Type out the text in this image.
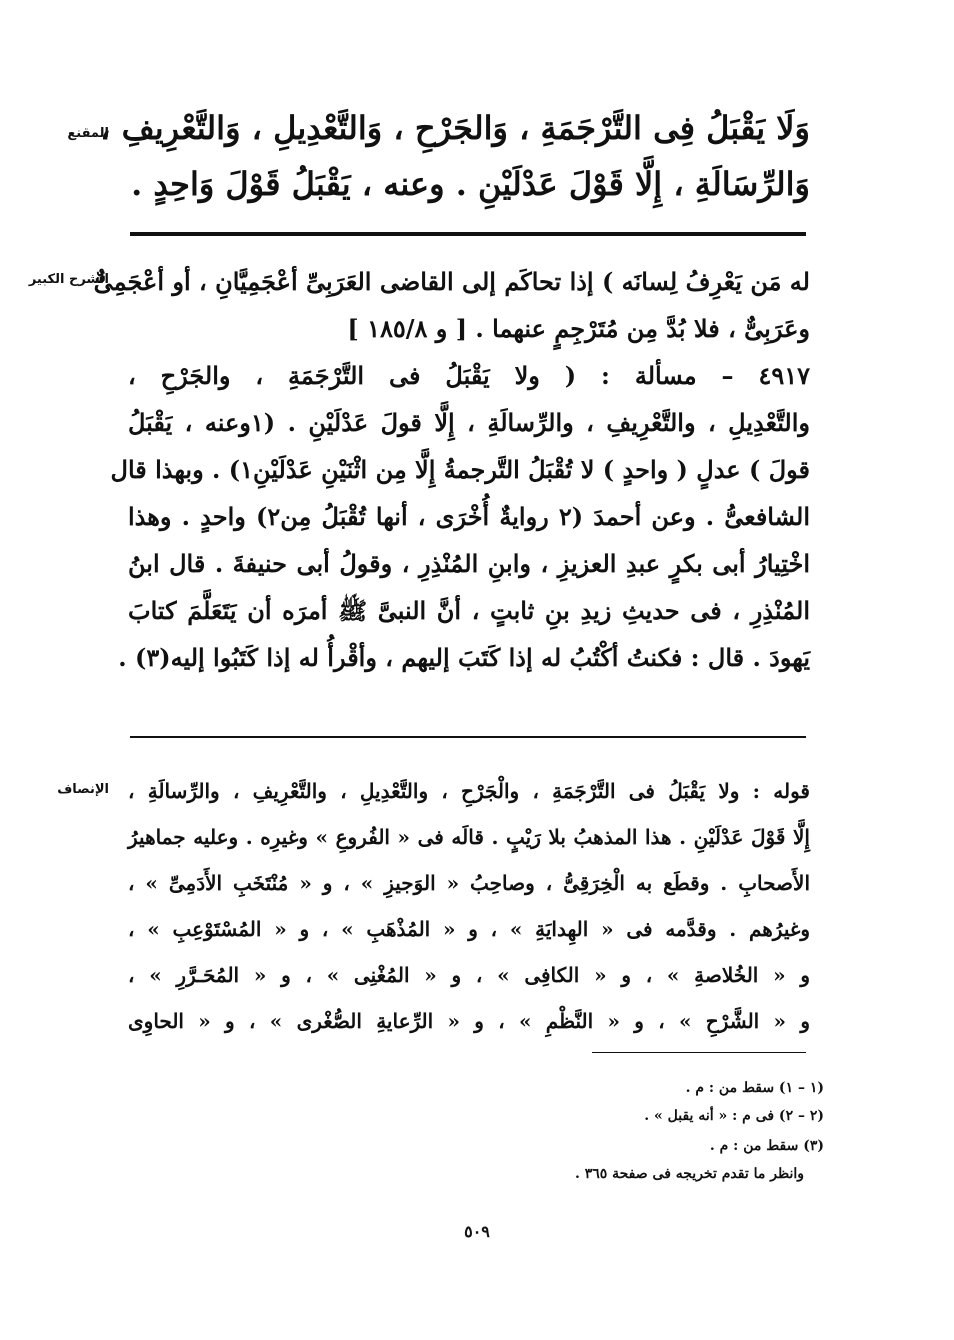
المقنع
وَلَا يَقْبَلُ فِى التَّرْجَمَةِ ، وَالجَرْحِ ، وَالتَّعْدِيلِ ، وَالتَّعْرِيفِ ،
وَالرِّسَالَةِ ، إِلَّا قَوْلَ عَدْلَيْنِ . وعنه ، يَقْبَلُ قَوْلَ وَاحِدٍ .
الشرح الكبير
له مَن يَعْرِفُ لِسانَه ) إذا تحاكَم إلى القاضى العَرَبِىِّ أعْجَمِيَّانِ ، أو أعْجَمِىٌّ
وعَرَبِىٌّ ، فلا بُدَّ مِن مُتَرْجِمٍ عنهما . [ و ١٨٥/٨ ]
٤٩١٧ – مسألة : ( ولا يَقْبَلُ فى التَّرْجَمَةِ ، والجَرْحِ ،
والتَّعْدِيلِ ، والتَّعْرِيفِ ، والرِّسالَةِ ، إِلَّا قولَ عَدْلَيْنِ . (١وعنه ، يَقْبَلُ
قولَ ) عدلٍ ( واحدٍ ) لا تُقْبَلُ التَّرجمةُ إِلَّا مِن اثْنَيْنِ عَدْلَيْنِ١) . وبهذا قال
الشافعىُّ . وعن أحمدَ (٢ روايةٌ أُخْرَى ، أنها تُقْبَلُ مِن٢) واحدٍ . وهذا
اخْتِيارُ أبى بكرٍ عبدِ العزيزِ ، وابنِ المُنْذِرِ ، وقولُ أبى حنيفةَ . قال ابنُ
المُنْذِرِ ، فى حديثِ زيدِ بنِ ثابتٍ ، أنَّ النبىَّ ﷺ أمرَه أن يَتَعَلَّمَ كتابَ
يَهودَ . قال : فكنتُ أكْتُبُ له إذا كَتَبَ إليهم ، وأقْرأُ له إذا كَتَبُوا إليه(٣) .
الإنصاف قوله : ولا يَقْبَلُ فى التَّرْجَمَةِ ، والْجَرْحِ ، والتَّعْدِيلِ ، والتَّعْرِيفِ ، والرِّسالَةِ ،
إِلَّا قَوْلَ عَدْلَيْنِ . هذا المذهبُ بلا رَيْبٍ . قالَه فى « الفُروعِ » وغيرِه . وعليه جماهيرُ
الأَصحابِ . وقطَع به الْخِرَقِىُّ ، وصاحِبُ « الوَجيزِ » ، و « مُنْتَخَبِ الأَدَمِىِّ » ،
وغيرُهم . وقدَّمه فى « الهِدايَةِ » ، و « المُذْهَبِ » ، و « المُسْتَوْعِبِ » ،
و « الخُلاصةِ » ، و « الكافِى » ، و « المُغْنِى » ، و « المُحَـرَّرِ » ،
و « الشَّرْحِ » ، و « النَّظْمِ » ، و « الرِّعايةِ الصُّغْرى » ، و « الحاوِى
(١ – ١) سقط من : م .
(٢ – ٢) فى م : « أنه يقبل » .
(٣) سقط من : م .
وانظر ما تقدم تخريجه فى صفحة ٣٦٥ .
٥٠٩
